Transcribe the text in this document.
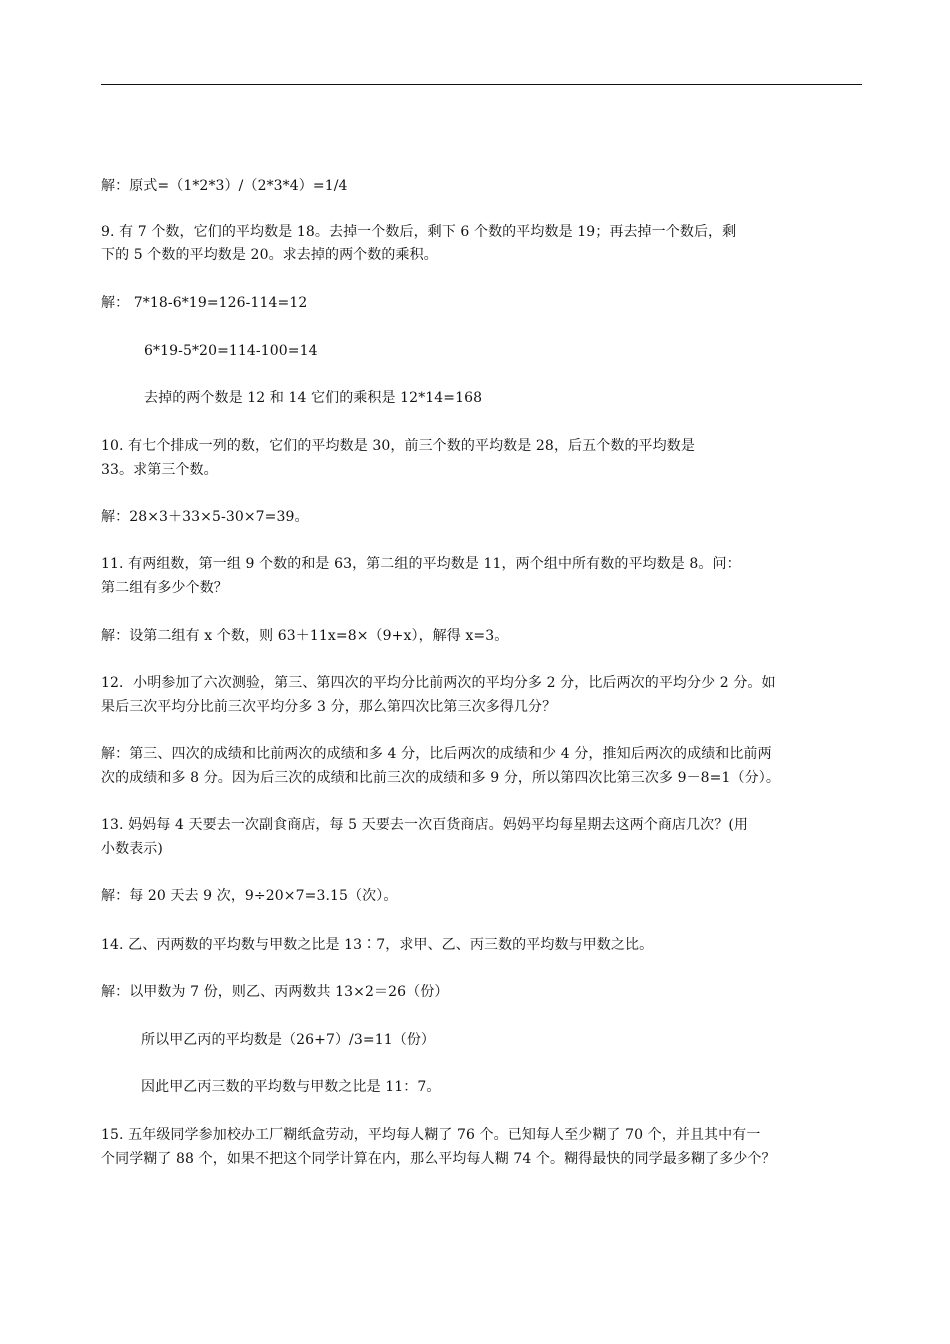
解：原式=（1*2*3）/（2*3*4）=1/4
9. 有 7 个数，它们的平均数是 18。去掉一个数后，剩下 6 个数的平均数是 19；再去掉一个数后，剩
下的 5 个数的平均数是 20。求去掉的两个数的乘积。
解： 7*18-6*19=126-114=12
6*19-5*20=114-100=14
去掉的两个数是 12 和 14 它们的乘积是 12*14=168
10. 有七个排成一列的数，它们的平均数是 30，前三个数的平均数是 28，后五个数的平均数是
33。求第三个数。
解：28×3＋33×5-30×7=39。
11. 有两组数，第一组 9 个数的和是 63，第二组的平均数是 11，两个组中所有数的平均数是 8。问：
第二组有多少个数？
解：设第二组有 x 个数，则 63＋11x=8×（9+x），解得 x=3。
12．小明参加了六次测验，第三、第四次的平均分比前两次的平均分多 2 分，比后两次的平均分少 2 分。如
果后三次平均分比前三次平均分多 3 分，那么第四次比第三次多得几分？
解：第三、四次的成绩和比前两次的成绩和多 4 分，比后两次的成绩和少 4 分，推知后两次的成绩和比前两
次的成绩和多 8 分。因为后三次的成绩和比前三次的成绩和多 9 分，所以第四次比第三次多 9－8=1（分）。
13. 妈妈每 4 天要去一次副食商店，每 5 天要去一次百货商店。妈妈平均每星期去这两个商店几次？(用
小数表示)
解：每 20 天去 9 次，9÷20×7=3.15（次）。
14. 乙、丙两数的平均数与甲数之比是 13∶7，求甲、乙、丙三数的平均数与甲数之比。
解：以甲数为 7 份，则乙、丙两数共 13×2＝26（份）
所以甲乙丙的平均数是（26+7）/3=11（份）
因此甲乙丙三数的平均数与甲数之比是 11：7。
15. 五年级同学参加校办工厂糊纸盒劳动，平均每人糊了 76 个。已知每人至少糊了 70 个，并且其中有一
个同学糊了 88 个，如果不把这个同学计算在内，那么平均每人糊 74 个。糊得最快的同学最多糊了多少个？
